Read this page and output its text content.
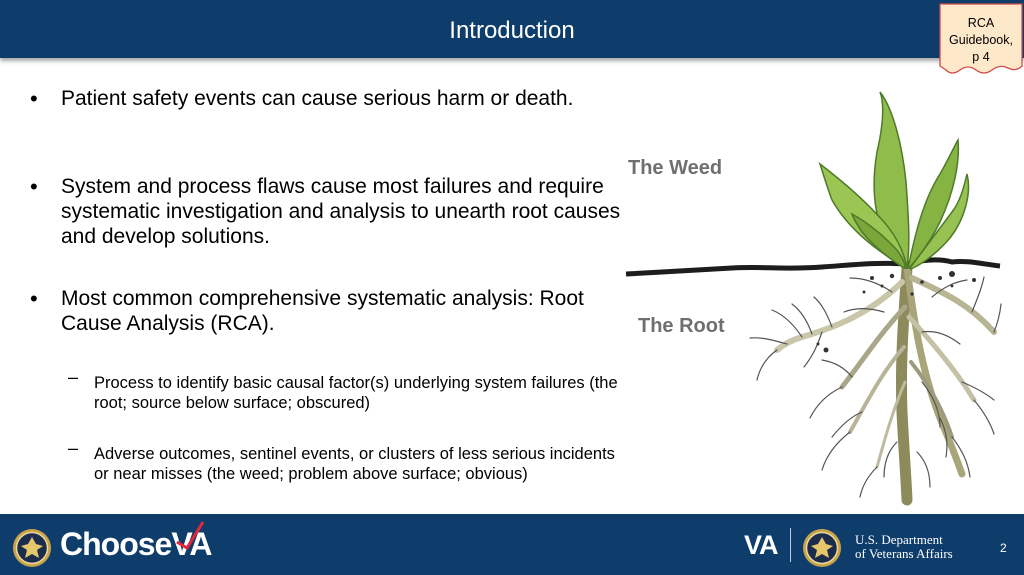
Introduction	RCA
Guidebook,
p 4
• Patient safety events can cause serious harm or death.
• System and process flaws cause most failures and require systematic investigation and analysis to unearth root causes and develop solutions.
• Most common comprehensive systematic analysis: Root Cause Analysis (RCA).
– Process to identify basic causal factor(s) underlying system failures (the root; source below surface; obscured)
– Adverse outcomes, sentinel events, or clusters of less serious incidents or near misses (the weed; problem above surface; obvious)
The Weed
The Root
ChooseVA	VA	U.S. Department
of Veterans Affairs	2
